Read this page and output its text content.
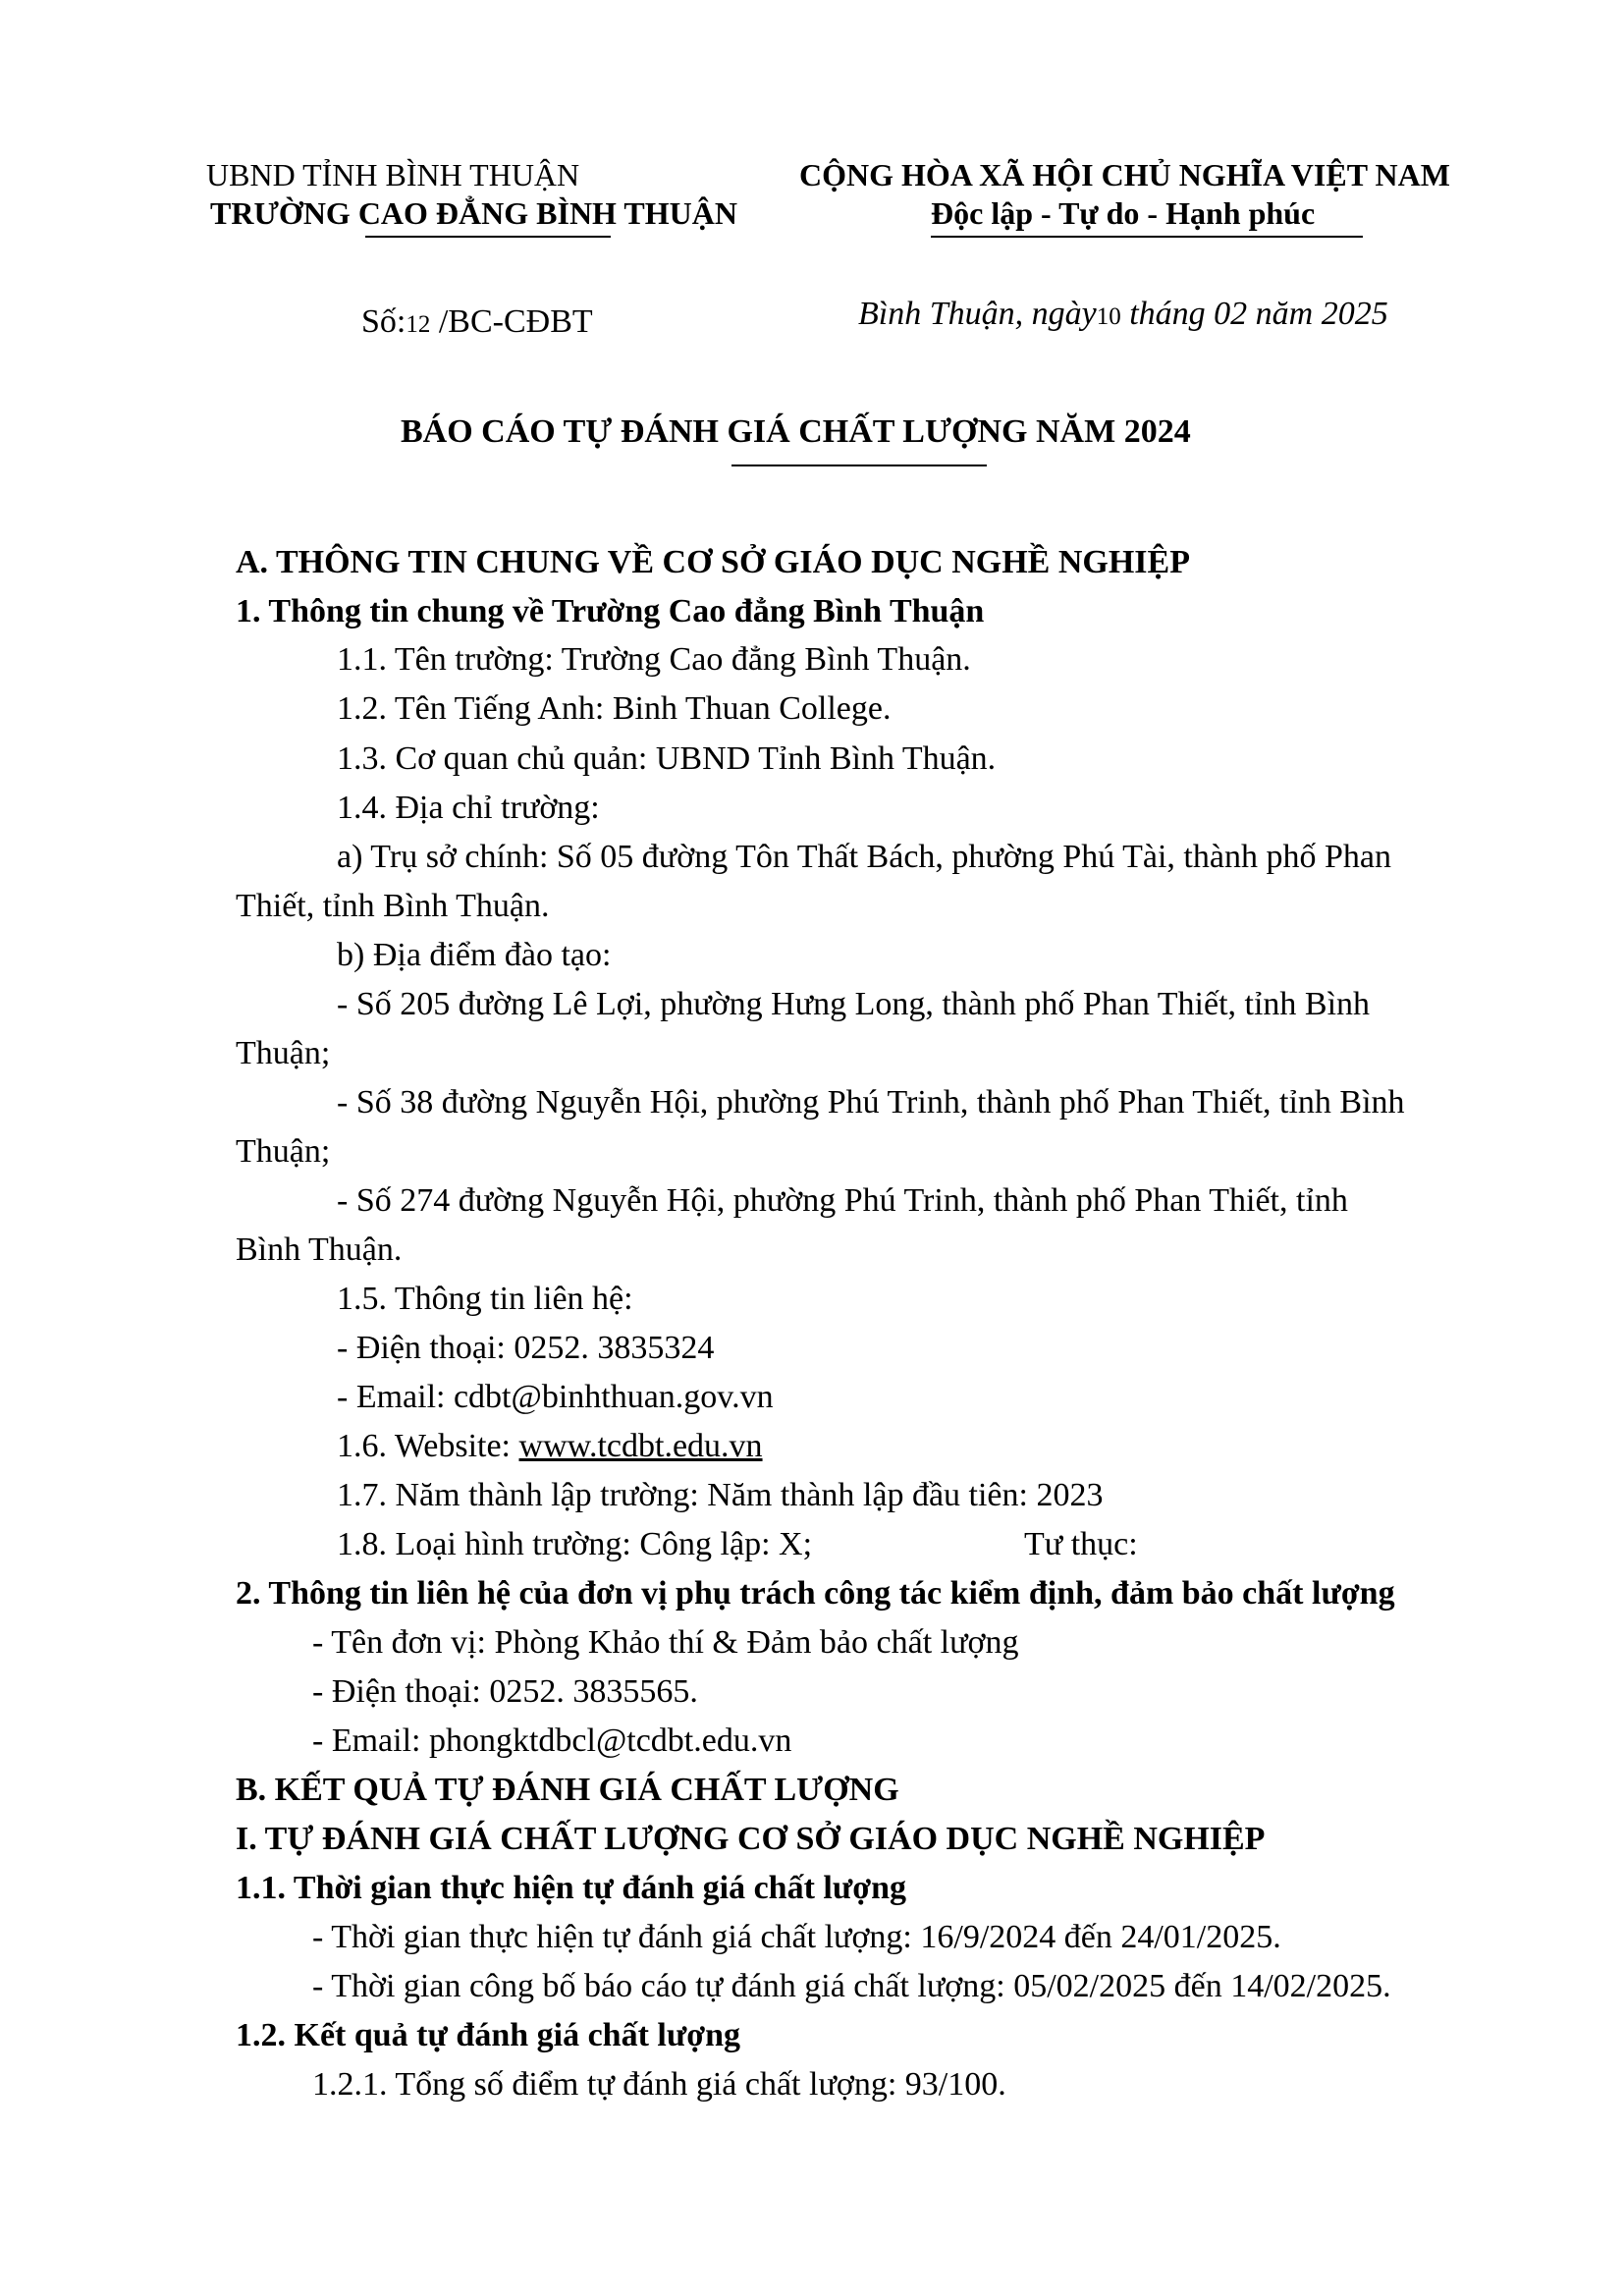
UBND TỈNH BÌNH THUẬN
TRƯỜNG CAO ĐẲNG BÌNH THUẬN
CỘNG HÒA XÃ HỘI CHỦ NGHĨA VIỆT NAM
Độc lập - Tự do - Hạnh phúc
Số:12 /BC-CĐBT	Bình Thuận, ngày10 tháng 02 năm 2025
BÁO CÁO TỰ ĐÁNH GIÁ CHẤT LƯỢNG NĂM 2024
A. THÔNG TIN CHUNG VỀ CƠ SỞ GIÁO DỤC NGHỀ NGHIỆP
1. Thông tin chung về Trường Cao đẳng Bình Thuận
1.1. Tên trường: Trường Cao đẳng Bình Thuận.
1.2. Tên Tiếng Anh: Binh Thuan College.
1.3. Cơ quan chủ quản: UBND Tỉnh Bình Thuận.
1.4. Địa chỉ trường:
a) Trụ sở chính: Số 05 đường Tôn Thất Bách, phường Phú Tài, thành phố Phan
Thiết, tỉnh Bình Thuận.
b) Địa điểm đào tạo:
- Số 205 đường Lê Lợi, phường Hưng Long, thành phố Phan Thiết, tỉnh Bình
Thuận;
- Số 38 đường Nguyễn Hội, phường Phú Trinh, thành phố Phan Thiết, tỉnh Bình
Thuận;
- Số 274 đường Nguyễn Hội, phường Phú Trinh, thành phố Phan Thiết, tỉnh
Bình Thuận.
1.5. Thông tin liên hệ:
- Điện thoại: 0252. 3835324
- Email: cdbt@binhthuan.gov.vn
1.6. Website: www.tcdbt.edu.vn
1.7. Năm thành lập trường: Năm thành lập đầu tiên: 2023
1.8. Loại hình trường: Công lập: X;	Tư thục:
2. Thông tin liên hệ của đơn vị phụ trách công tác kiểm định, đảm bảo chất lượng
- Tên đơn vị: Phòng Khảo thí & Đảm bảo chất lượng
- Điện thoại: 0252. 3835565.
- Email: phongktdbcl@tcdbt.edu.vn
B. KẾT QUẢ TỰ ĐÁNH GIÁ CHẤT LƯỢNG
I. TỰ ĐÁNH GIÁ CHẤT LƯỢNG CƠ SỞ GIÁO DỤC NGHỀ NGHIỆP
1.1. Thời gian thực hiện tự đánh giá chất lượng
- Thời gian thực hiện tự đánh giá chất lượng: 16/9/2024 đến 24/01/2025.
- Thời gian công bố báo cáo tự đánh giá chất lượng: 05/02/2025 đến 14/02/2025.
1.2. Kết quả tự đánh giá chất lượng
1.2.1. Tổng số điểm tự đánh giá chất lượng: 93/100.
